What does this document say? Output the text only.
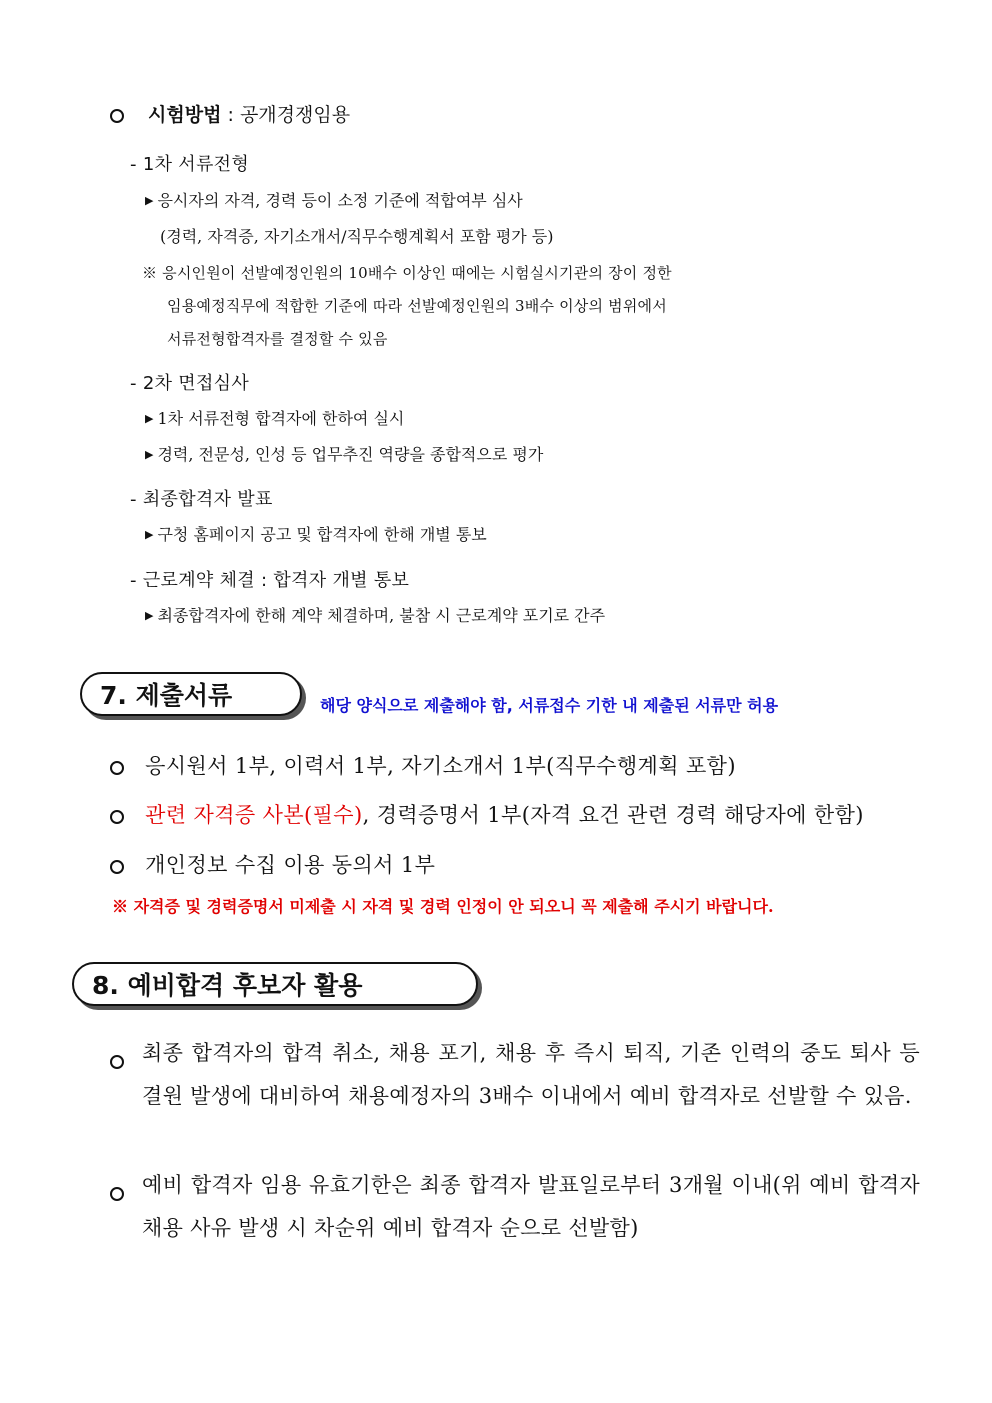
시험방법 : 공개경쟁임용
- 1차 서류전형
▶ 응시자의 자격, 경력 등이 소정 기준에 적합여부 심사
(경력, 자격증, 자기소개서/직무수행계획서 포함 평가 등)
※ 응시인원이 선발예정인원의 10배수 이상인 때에는 시험실시기관의 장이 정한
임용예정직무에 적합한 기준에 따라 선발예정인원의 3배수 이상의 범위에서
서류전형합격자를 결정할 수 있음
- 2차 면접심사
▶ 1차 서류전형 합격자에 한하여 실시
▶ 경력, 전문성, 인성 등 업무추진 역량을 종합적으로 평가
- 최종합격자 발표
▶ 구청 홈페이지 공고 및 합격자에 한해 개별 통보
- 근로계약 체결 : 합격자 개별 통보
▶ 최종합격자에 한해 계약 체결하며, 불참 시 근로계약 포기로 간주
7. 제출서류	해당 양식으로 제출해야 함, 서류접수 기한 내 제출된 서류만 허용
응시원서 1부, 이력서 1부, 자기소개서 1부(직무수행계획 포함)
관련 자격증 사본(필수), 경력증명서 1부(자격 요건 관련 경력 해당자에 한함)
개인정보 수집 이용 동의서 1부
※ 자격증 및 경력증명서 미제출 시 자격 및 경력 인정이 안 되오니 꼭 제출해 주시기 바랍니다.
8. 예비합격 후보자 활용
최종 합격자의 합격 취소, 채용 포기, 채용 후 즉시 퇴직, 기존 인력의 중도 퇴사 등 결원 발생에 대비하여 채용예정자의 3배수 이내에서 예비 합격자로 선발할 수 있음.
예비 합격자 임용 유효기한은 최종 합격자 발표일로부터 3개월 이내(위 예비 합격자 채용 사유 발생 시 차순위 예비 합격자 순으로 선발함)
